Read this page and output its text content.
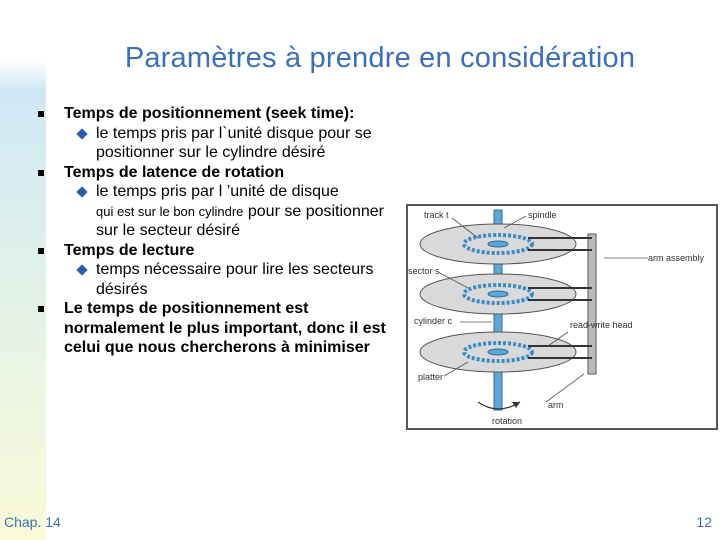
Paramètres à prendre en considération
Temps de positionnement (seek time):
le temps pris par l`unité disque pour se positionner sur le cylindre désiré
Temps de latence de rotation
le temps pris par l ’unité de disque
qui est sur le bon cylindre pour se positionner sur le secteur désiré
Temps de lecture
temps nécessaire pour lire les secteurs désirés
Le temps de positionnement est normalement le plus important, donc il est celui que nous chercherons à minimiser
track t	spindle
arm assembly
sector s
cylinder c	read-write head
platter
arm
rotation
Chap. 14	12
